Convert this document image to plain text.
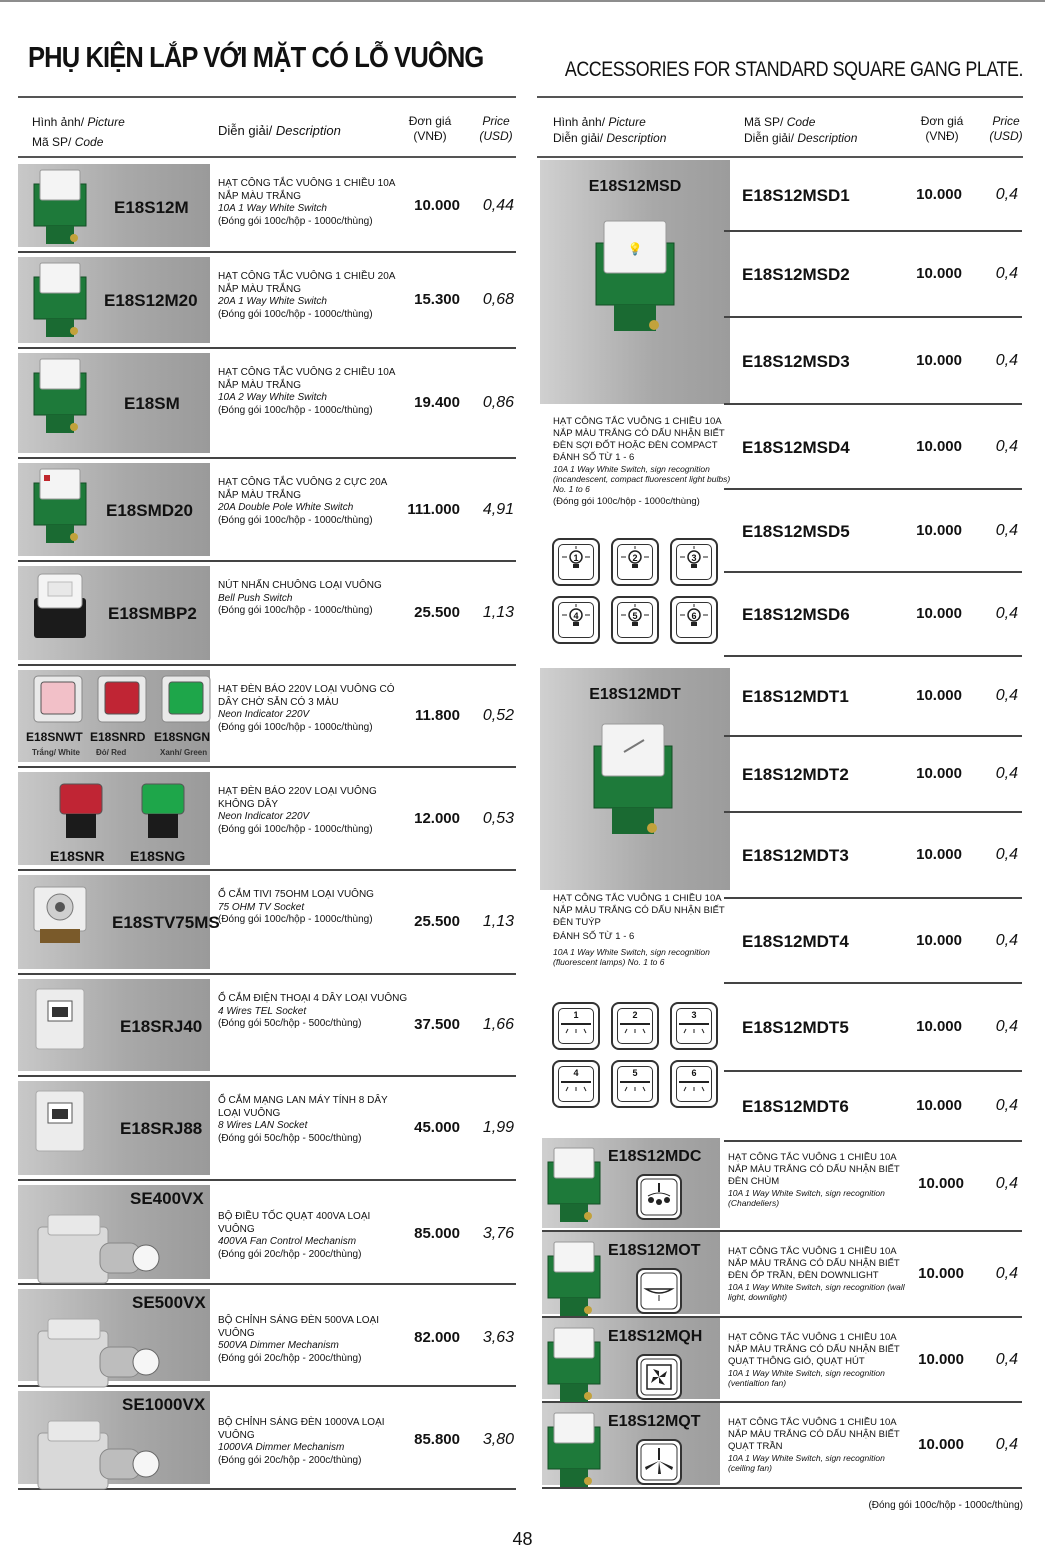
PHỤ KIỆN LẮP VỚI MẶT CÓ LỖ VUÔNG	ACCESSORIES FOR STANDARD SQUARE GANG PLATE.
Hình ảnh/ Picture
Mã SP/ Code
Diễn giải/ Description
Đơn giá
(VNĐ)
Price
(USD)
E18S12M
HẠT CÔNG TẮC VUÔNG 1 CHIỀU 10A NẮP MÀU TRẮNG
10A 1 Way White Switch
(Đóng gói 100c/hộp - 1000c/thùng)
10.000	0,44
E18S12M20
HẠT CÔNG TẮC VUÔNG 1 CHIỀU 20A NẮP MÀU TRẮNG
20A 1 Way White Switch
(Đóng gói 100c/hộp - 1000c/thùng)
15.300	0,68
E18SM
HẠT CÔNG TẮC VUÔNG 2 CHIỀU 10A NẮP MÀU TRẮNG
10A 2 Way White Switch
(Đóng gói 100c/hộp - 1000c/thùng)	19.400	0,86
E18SMD20
HẠT CÔNG TẮC VUÔNG 2 CỰC 20A NẮP MÀU TRẮNG
20A Double Pole White Switch
(Đóng gói 100c/hộp - 1000c/thùng)
111.000	4,91
E18SMBP2
NÚT NHẤN CHUÔNG LOẠI VUÔNG
Bell Push Switch
(Đóng gói 100c/hộp - 1000c/thùng)	25.500	1,13
E18SNWT
Trắng/ White
E18SNRD
Đỏ/ Red
E18SNGN
Xanh/ Green
HẠT ĐÈN BÁO 220V LOẠI VUÔNG CÓ DÂY CHỜ SẴN CÓ 3 MÀU
Neon Indicator 220V
(Đóng gói 100c/hộp - 1000c/thùng)
11.800	0,52
E18SNR E18SNG
HẠT ĐÈN BÁO 220V LOẠI VUÔNG KHÔNG DÂY
Neon Indicator 220V
(Đóng gói 100c/hộp - 1000c/thùng)
12.000	0,53
E18STV75MS
Ổ CẮM TIVI 75OHM LOẠI VUÔNG
75 OHM TV Socket
(Đóng gói 100c/hộp - 1000c/thùng)	25.500	1,13
E18SRJ40
Ổ CẮM ĐIỆN THOẠI 4 DÂY LOẠI VUÔNG
4 Wires TEL Socket
(Đóng gói 50c/hộp - 500c/thùng)	37.500	1,66
E18SRJ88
Ổ CẮM MẠNG LAN MÁY TÍNH 8 DÂY LOẠI VUÔNG
8 Wires LAN Socket
(Đóng gói 50c/hộp - 500c/thùng)
45.000	1,99
SE400VX
BỘ ĐIỀU TỐC QUẠT 400VA LOẠI VUÔNG
400VA Fan Control Mechanism
(Đóng gói 20c/hộp - 200c/thùng)
85.000	3,76
SE500VX
BỘ CHỈNH SÁNG ĐÈN 500VA LOẠI VUÔNG
500VA Dimmer Mechanism
(Đóng gói 20c/hộp - 200c/thùng)
82.000	3,63
SE1000VX
BỘ CHỈNH SÁNG ĐÈN 1000VA LOẠI VUÔNG
1000VA Dimmer Mechanism
(Đóng gói 20c/hộp - 200c/thùng)
85.800	3,80
Hình ảnh/ Picture
Diễn giải/ Description
Mã SP/ Code
Diễn giải/ Description
Đơn giá
(VNĐ)
Price
(USD)
E18S12MSD
💡
HẠT CÔNG TẮC VUÔNG 1 CHIỀU 10A NẮP MÀU TRẮNG CÓ DẤU NHẬN BIẾT ĐÈN SỢI ĐỐT HOẶC ĐÈN COMPACT ĐÁNH SỐ TỪ 1 - 6
10A 1 Way White Switch, sign recognition (incandescent, compact fluorescent light bulbs) No. 1 to 6
(Đóng gói 100c/hộp - 1000c/thùng)
1	2	3
4	5	6
E18S12MSD1	10.000	0,4
E18S12MSD2	10.000	0,4
E18S12MSD3	10.000	0,4
E18S12MSD4	10.000	0,4
E18S12MSD5	10.000	0,4
E18S12MSD6	10.000	0,4
E18S12MDT
HẠT CÔNG TẮC VUÔNG 1 CHIỀU 10A NẮP MÀU TRẮNG CÓ DẤU NHẬN BIẾT ĐÈN TUÝP
ĐÁNH SỐ TỪ 1 - 6
10A 1 Way White Switch, sign recognition (fluorescent lamps) No. 1 to 6
1	2	3
4	5	6
E18S12MDT1	10.000	0,4
E18S12MDT2	10.000	0,4
E18S12MDT3	10.000	0,4
E18S12MDT4	10.000	0,4
E18S12MDT5	10.000	0,4
E18S12MDT6	10.000	0,4
E18S12MDC	HẠT CÔNG TẮC VUÔNG 1 CHIỀU 10A NẮP MÀU TRẮNG CÓ DẤU NHẬN BIẾT ĐÈN CHÙM
10A 1 Way White Switch, sign recognition (Chandeliers)
10.000	0,4
E18S12MOT	HẠT CÔNG TẮC VUÔNG 1 CHIỀU 10A NẮP MÀU TRẮNG CÓ DẤU NHẬN BIẾT ĐÈN ỐP TRẦN, ĐÈN DOWNLIGHT
10A 1 Way White Switch, sign recognition (wall light, downlight)
10.000	0,4
E18S12MQH	HẠT CÔNG TẮC VUÔNG 1 CHIỀU 10A NẮP MÀU TRẮNG CÓ DẤU NHẬN BIẾT QUẠT THÔNG GIÓ, QUẠT HÚT
10A 1 Way White Switch, sign recognition (ventialtion fan)
10.000	0,4
E18S12MQT	HẠT CÔNG TẮC VUÔNG 1 CHIỀU 10A NẮP MÀU TRẮNG CÓ DẤU NHẬN BIẾT QUẠT TRẦN
10A 1 Way White Switch, sign recognition (ceiling fan)
10.000	0,4
(Đóng gói 100c/hộp - 1000c/thùng)
48
